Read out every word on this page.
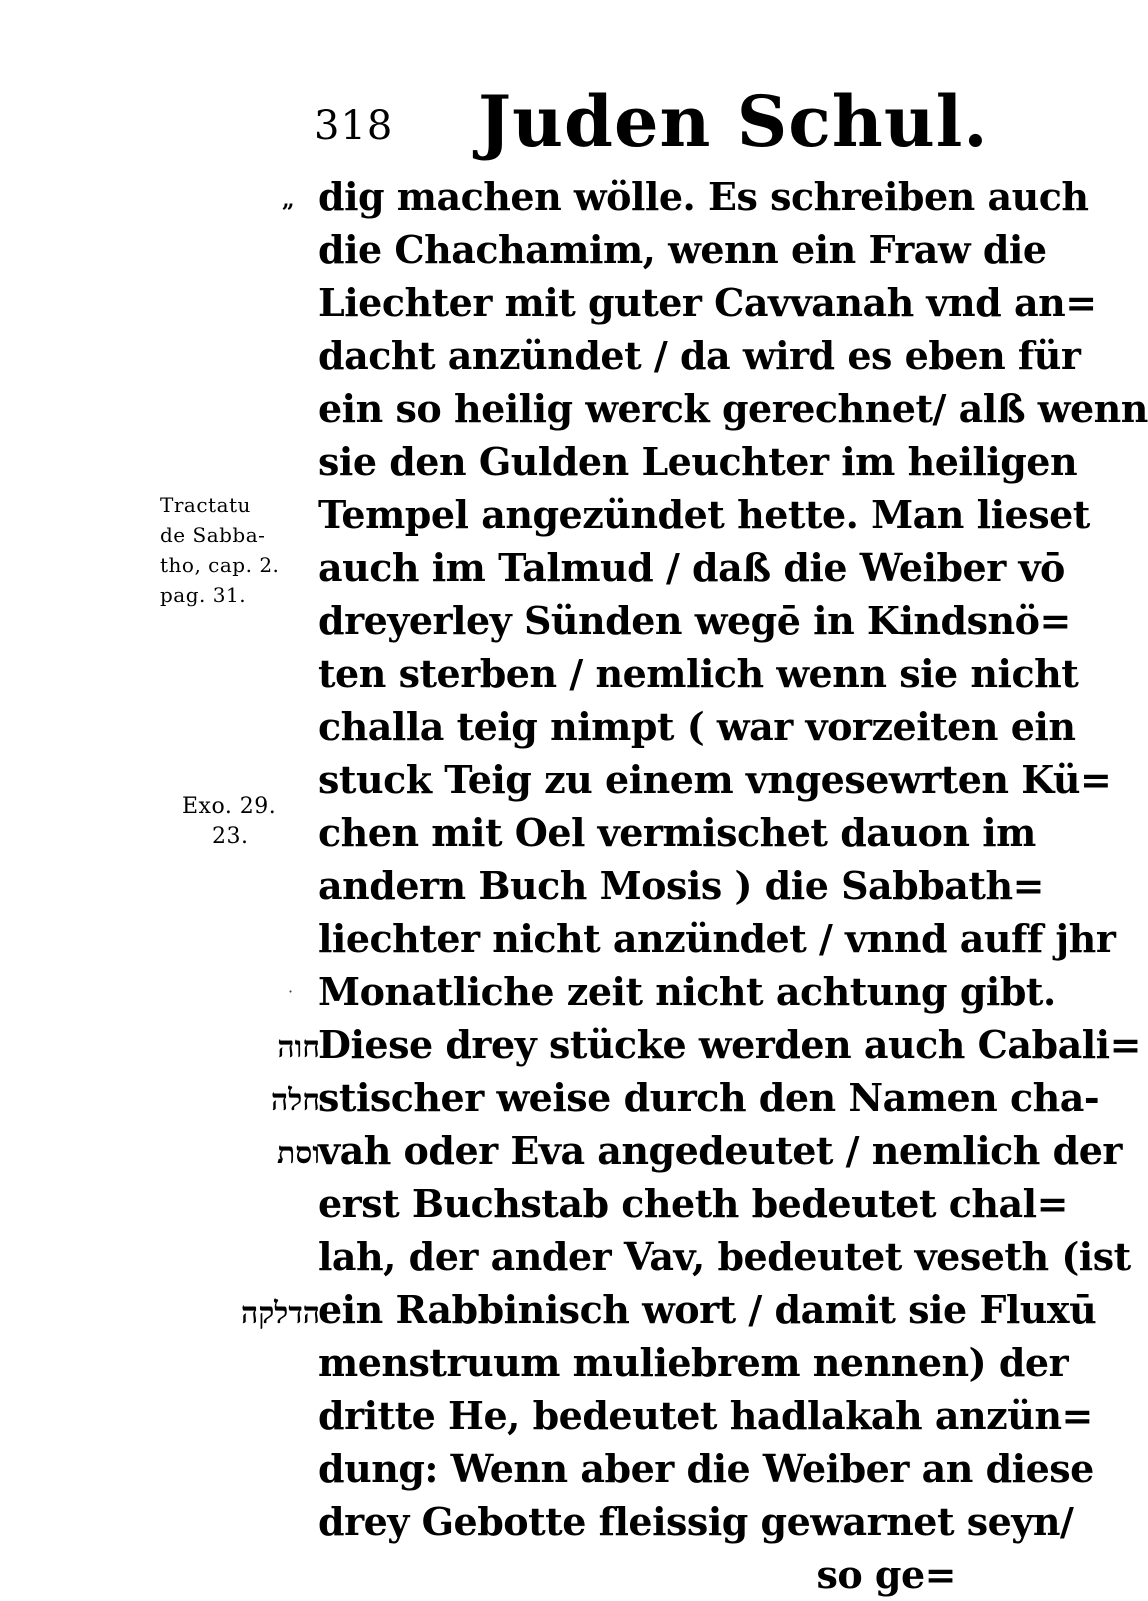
318 Juden Schul.
„ dig machen wölle. Es schreiben auch
die Chachamim, wenn ein Fraw die
Liechter mit guter Cavvanah vnd an=
dacht anzündet / da wird es eben für
ein so heilig werck gerechnet/ alß wenn
sie den Gulden Leuchter im heiligen
Tempel angezündet hette. Man lieset
auch im Talmud / daß die Weiber vō
dreyerley Sünden wegē in Kindsnö=
ten sterben / nemlich wenn sie nicht
challa teig nimpt ( war vorzeiten ein
stuck Teig zu einem vngesewrten Kü=
chen mit Oel vermischet dauon im
andern Buch Mosis ) die Sabbath=
liechter nicht anzündet / vnnd auff jhr
Monatliche zeit nicht achtung gibt.
Diese drey stücke werden auch Cabali=
stischer weise durch den Namen cha-
vah oder Eva angedeutet / nemlich der
erst Buchstab cheth bedeutet chal=
lah, der ander Vav, bedeutet veseth (ist
ein Rabbinisch wort / damit sie Fluxū
menstruum muliebrem nennen) der
dritte He, bedeutet hadlakah anzün=
dung: Wenn aber die Weiber an diese
drey Gebotte fleissig gewarnet seyn/
so ge=
Tractatu
de Sabba-
tho, cap. 2.
pag. 31.
Exo. 29.
23.
·
חוה
חלה
וסת
הדלקה
